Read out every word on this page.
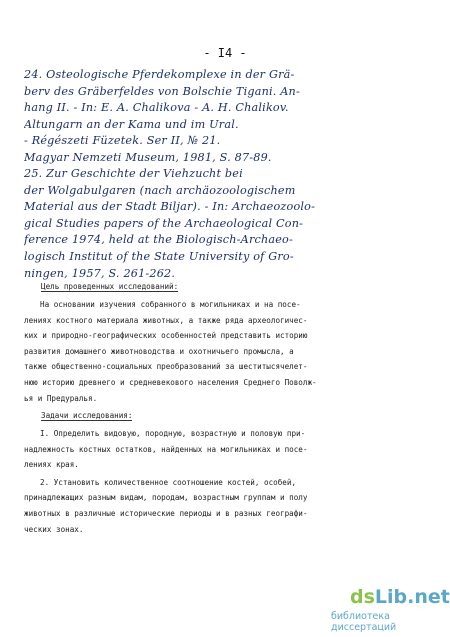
- I4 -
24. Osteologische Pferdekomplexe in der Grä-
berv des Gräberfeldes von Bolschie Tigani. An-
hang II. - In: E. A. Chalikova - A. H. Chalikov.
Altungarn an der Kama und im Ural.
- Régészeti Füzetek. Ser II, № 21.
Magyar Nemzeti Museum, 1981, S. 87-89.
25. Zur Geschichte der Viehzucht bei
der Wolgabulgaren (nach archäozoologischem
Material aus der Stadt Biljar). - In: Archaeozoolo-
gical Studies papers of the Archaeological Con-
ference 1974, held at the Biologisch-Archaeo-
logisch Institut of the State University of Gro-
ningen, 1957, S. 261-262.
Цель проведенных исследований:
На основании изучения собранного в могильниках и на посе-
лениях костного материала животных, а также ряда археологичес-
ких и природно-географических особенностей представить историю
развития домашнего животноводства и охотничьего промысла, а
также общественно-социальных преобразований за шеститысячелет-
нюю историю древнего и средневекового населения Среднего Поволж-
ья и Предуралья.
Задачи исследования:
I. Определить видовую, породную, возрастную и половую при-
надлежность костных остатков, найденных на могильниках и посе-
лениях края.
2. Установить количественное соотношение костей, особей,
принадлежащих разным видам, породам, возрастным группам и полу
животных в различные исторические периоды и в разных географи-
ческих зонах.
dsLib.net
библиотека диссертаций
